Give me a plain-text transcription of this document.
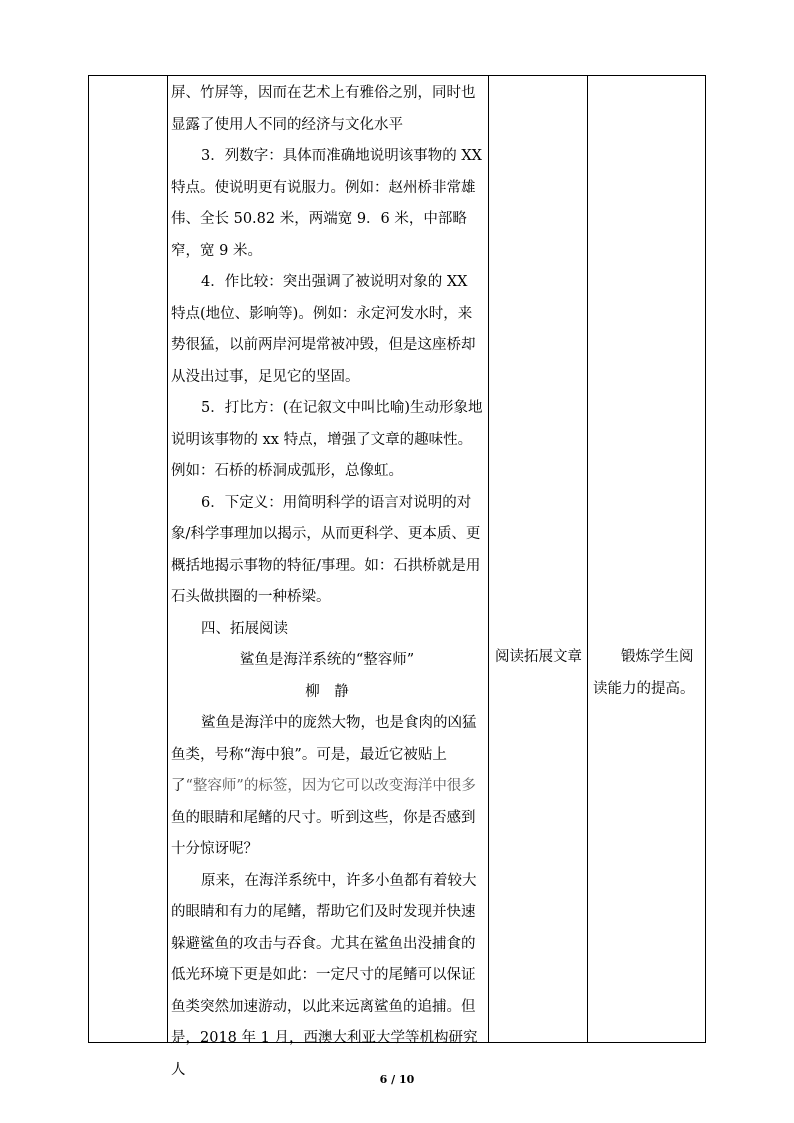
屏、竹屏等，因而在艺术上有雅俗之别，同时也

显露了使用人不同的经济与文化水平

3．列数字：具体而准确地说明该事物的 XX 特点。使说明更有说服力。例如：赵州桥非常雄伟、全长 50.82 米，两端宽 9．6 米，中部略窄，宽 9 米。

4．作比较：突出强调了被说明对象的 XX 特点(地位、影响等)。例如：永定河发水时，来势很猛，以前两岸河堤常被冲毁，但是这座桥却从没出过事，足见它的坚固。

5．打比方：(在记叙文中叫比喻)生动形象地说明该事物的 xx 特点，增强了文章的趣味性。例如：石桥的桥洞成弧形，总像虹。

6．下定义：用简明科学的语言对说明的对象/科学事理加以揭示，从而更科学、更本质、更概括地揭示事物的特征/事理。如：石拱桥就是用石头做拱圈的一种桥梁。

四、拓展阅读

鲨鱼是海洋系统的“整容师”

柳　静

鲨鱼是海洋中的庞然大物，也是食肉的凶猛鱼类，号称“海中狼”。可是，最近它被贴上了“整容师”的标签，因为它可以改变海洋中很多鱼的眼睛和尾鳍的尺寸。听到这些，你是否感到十分惊讶呢？

原来，在海洋系统中，许多小鱼都有着较大的眼睛和有力的尾鳍，帮助它们及时发现并快速躲避鲨鱼的攻击与吞食。尤其在鲨鱼出没捕食的低光环境下更是如此：一定尺寸的尾鳍可以保证鱼类突然加速游动，以此来远离鲨鱼的追捕。但是，2018 年 1 月，西澳大利亚大学等机构研究人

阅读拓展文章	锻炼学生阅读能力的提高。
6 / 10
